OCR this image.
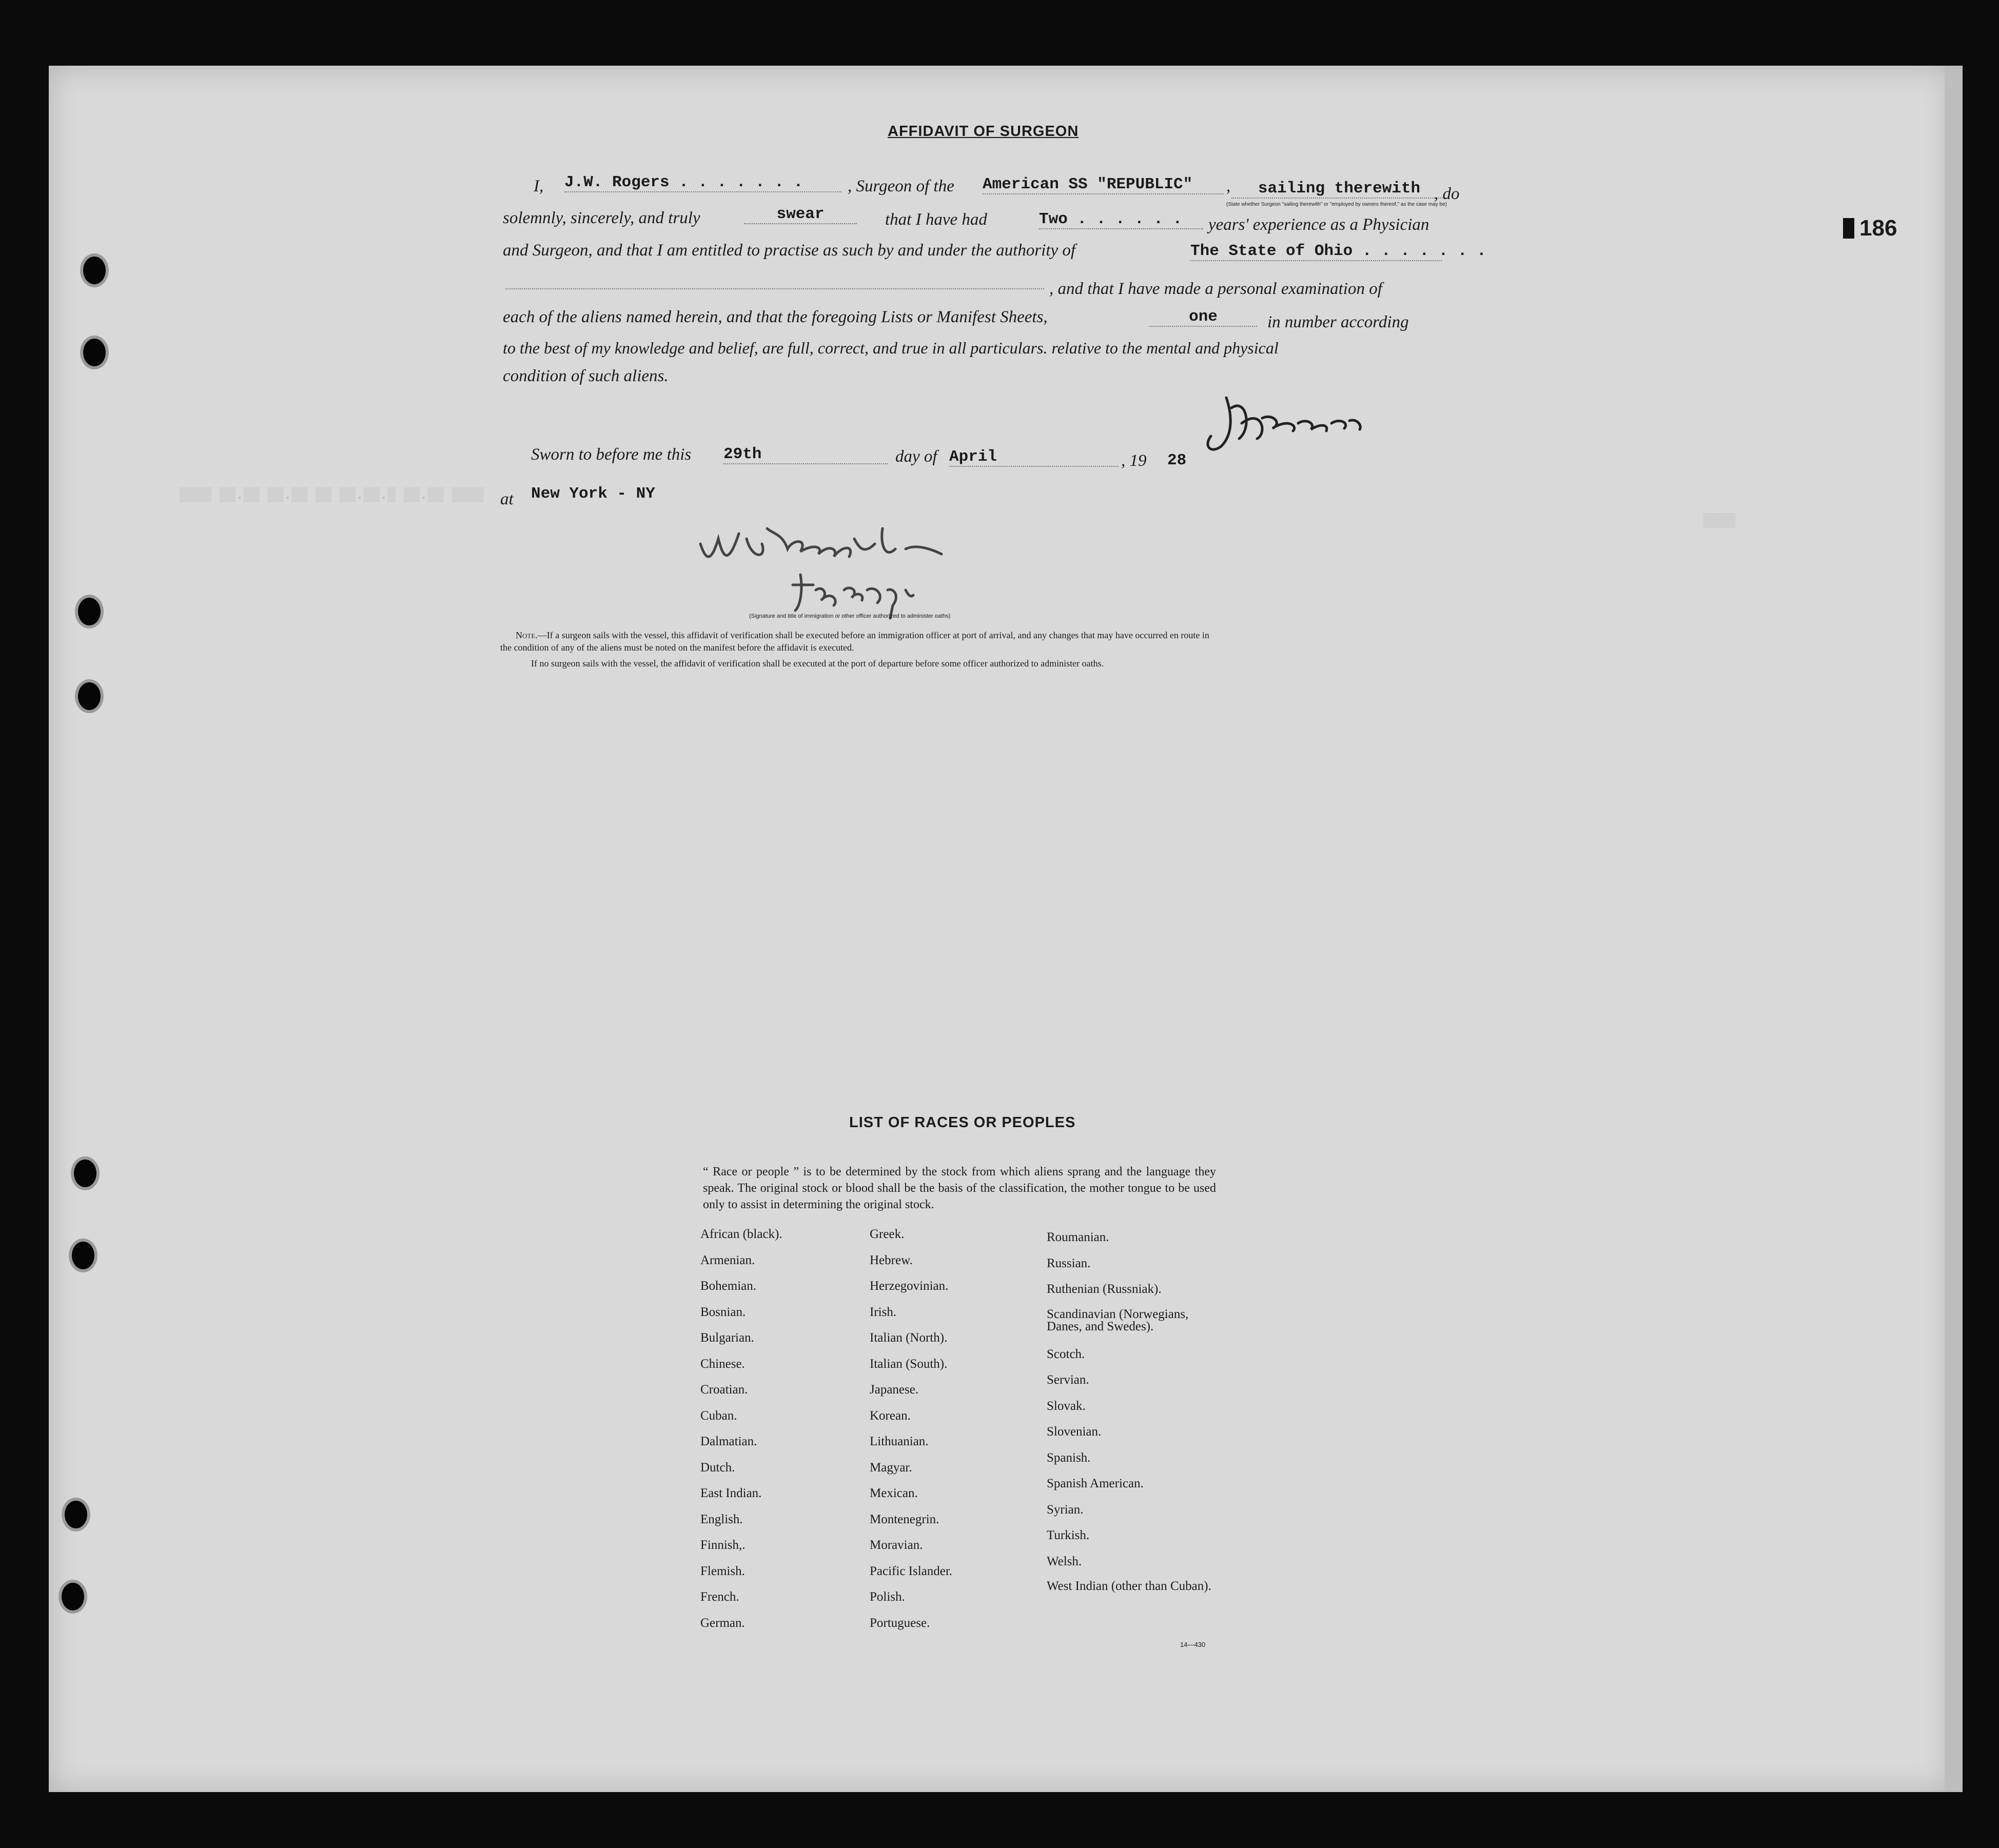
▒▒▒▒ ▒▒.▒▒ ▒▒.▒▒ ▒▒ ▒▒.▒▒.▒ ▒▒.▒▒ ▒▒▒▒
▒▒▒▒
186
AFFIDAVIT OF SURGEON
I, J.W. Rogers . . . . . . .	, Surgeon of the American SS "REPUBLIC"	,	sailing therewith
(State whether Surgeon "sailing therewith" or "employed by owners thereof," as the case may be)
, do
solemnly, sincerely, and truly	swear	that I have had	Two . . . . . .	years' experience as a Physician
and Surgeon, and that I am entitled to practise as such by and under the authority of	The State of Ohio . . . . . . .
, and that I have made a personal examination of
each of the aliens named herein, and that the foregoing Lists or Manifest Sheets,	one	in number according
to the best of my knowledge and belief, are full, correct, and true in all particulars. relative to the mental and physical
condition of such aliens.
Sworn to before me this 29th	day of April	, 19 28
at New York - NY
(Signature and title of immigration or other officer authorized to administer oaths)
Note.—If a surgeon sails with the vessel, this affidavit of verification shall be executed before an immigration officer at port of arrival, and any changes that may have occurred en route in
the condition of any of the aliens must be noted on the manifest before the affidavit is executed.
If no surgeon sails with the vessel, the affidavit of verification shall be executed at the port of departure before some officer authorized to administer oaths.
LIST OF RACES OR PEOPLES
“ Race or people ” is to be determined by the stock from which aliens sprang and the language they speak. The original stock or blood shall be the basis of the classification, the mother tongue to be used only to assist in determining the original stock.
African (black).
Armenian.
Bohemian.
Bosnian.
Bulgarian.
Chinese.
Croatian.
Cuban.
Dalmatian.
Dutch.
East Indian.
English.
Finnish,.
Flemish.
French.
German.
Greek.
Hebrew.
Herzegovinian.
Irish.
Italian (North).
Italian (South).
Japanese.
Korean.
Lithuanian.
Magyar.
Mexican.
Montenegrin.
Moravian.
Pacific Islander.
Polish.
Portuguese.
Roumanian.
Russian.
Ruthenian (Russniak).
Scandinavian (Norwegians, Danes, and Swedes).
Scotch.
Servian.
Slovak.
Slovenian.
Spanish.
Spanish American.
Syrian.
Turkish.
Welsh.
West Indian (other than Cuban).
14—430
